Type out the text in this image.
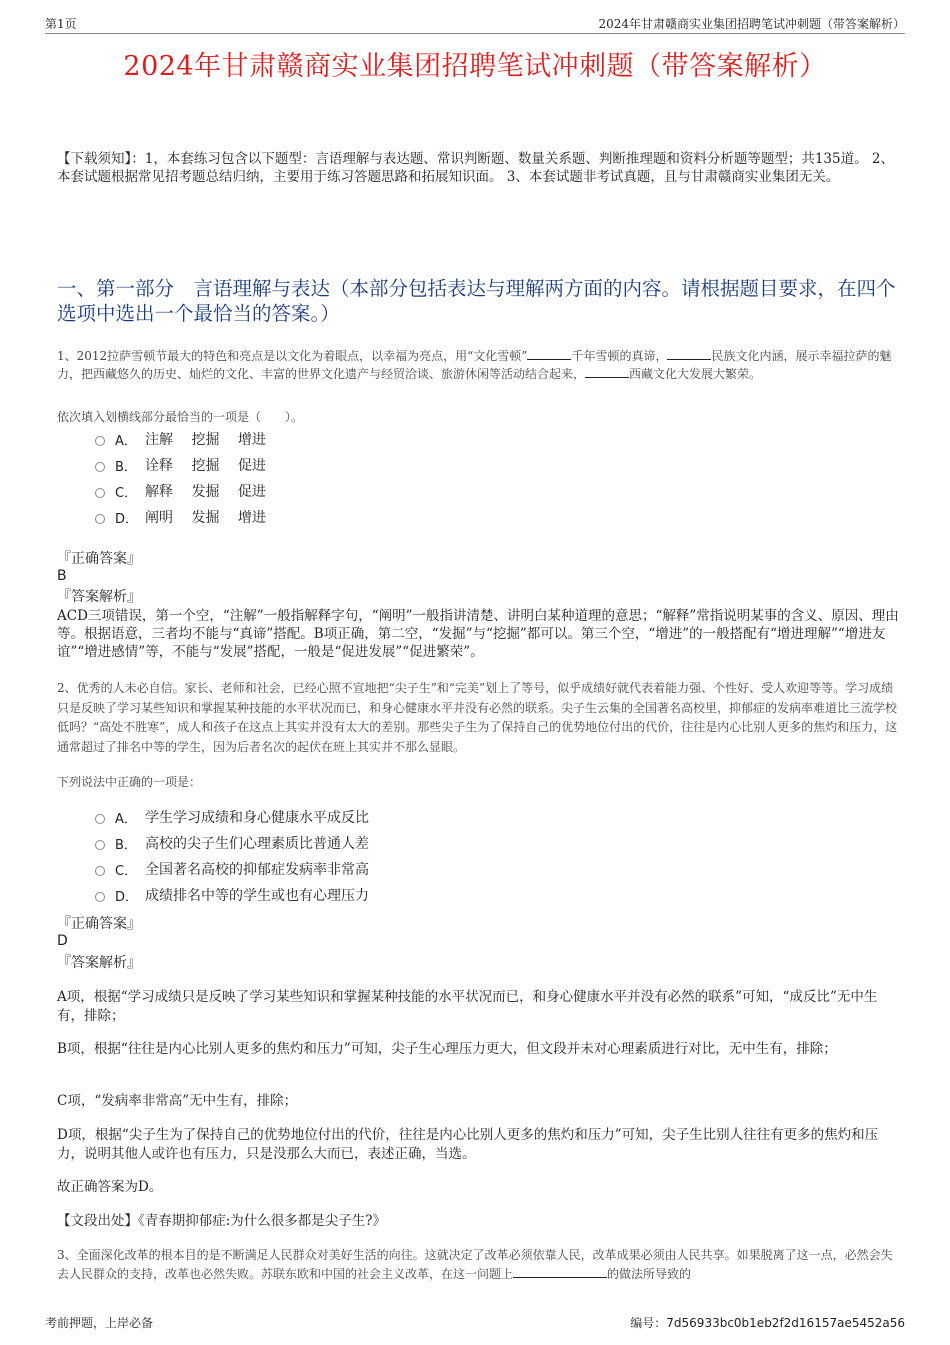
第1页	2024年甘肃赣商实业集团招聘笔试冲刺题（带答案解析）
2024年甘肃赣商实业集团招聘笔试冲刺题（带答案解析）
【下载须知】：1，本套练习包含以下题型：言语理解与表达题、常识判断题、数量关系题、判断推理题和资料分析题等题型；共135道。 2、本套试题根据常见招考题总结归纳，主要用于练习答题思路和拓展知识面。 3、本套试题非考试真题，且与甘肃赣商实业集团无关。
一、第一部分　言语理解与表达（本部分包括表达与理解两方面的内容。请根据题目要求，在四个选项中选出一个最恰当的答案。）
1、2012拉萨雪顿节最大的特色和亮点是以文化为着眼点，以幸福为亮点，用“文化雪顿”	千年雪顿的真谛，	民族文化内涵，展示幸福拉萨的魅力，把西藏悠久的历史、灿烂的文化、丰富的世界文化遗产与经贸洽谈、旅游休闲等活动结合起来，	西藏文化大发展大繁荣。
依次填入划横线部分最恰当的一项是（　　）。
A． 注解　 挖掘　 增进
B． 诠释　 挖掘　 促进
C． 解释　 发掘　 促进
D． 阐明　 发掘　 增进
『正确答案』
B
『答案解析』
ACD三项错误，第一个空，“注解”一般指解释字句，“阐明”一般指讲清楚、讲明白某种道理的意思；“解释”常指说明某事的含义、原因、理由等。根据语意，三者均不能与“真谛”搭配。B项正确，第二空，“发掘”与“挖掘”都可以。第三个空，“增进”的一般搭配有“增进理解”“增进友谊”“增进感情”等，不能与“发展”搭配，一般是“促进发展”“促进繁荣”。
2、优秀的人未必自信。家长、老师和社会，已经心照不宣地把“尖子生”和“完美”划上了等号，似乎成绩好就代表着能力强、个性好、受人欢迎等等。学习成绩只是反映了学习某些知识和掌握某种技能的水平状况而已，和身心健康水平并没有必然的联系。尖子生云集的全国著名高校里，抑郁症的发病率难道比三流学校低吗？“高处不胜寒”，成人和孩子在这点上其实并没有太大的差别。那些尖子生为了保持自己的优势地位付出的代价，往往是内心比别人更多的焦灼和压力，这通常超过了排名中等的学生，因为后者名次的起伏在班上其实并不那么显眼。
下列说法中正确的一项是：
A． 学生学习成绩和身心健康水平成反比
B． 高校的尖子生们心理素质比普通人差
C． 全国著名高校的抑郁症发病率非常高
D． 成绩排名中等的学生或也有心理压力
『正确答案』
D
『答案解析』
A项，根据“学习成绩只是反映了学习某些知识和掌握某种技能的水平状况而已，和身心健康水平并没有必然的联系”可知，“成反比”无中生有，排除；
B项，根据“往往是内心比别人更多的焦灼和压力”可知，尖子生心理压力更大，但文段并未对心理素质进行对比，无中生有，排除；
C项，“发病率非常高”无中生有，排除；
D项，根据“尖子生为了保持自己的优势地位付出的代价，往往是内心比别人更多的焦灼和压力”可知，尖子生比别人往往有更多的焦灼和压力，说明其他人或许也有压力，只是没那么大而已，表述正确，当选。
故正确答案为D。
【文段出处】《青春期抑郁症:为什么很多都是尖子生?》
3、全面深化改革的根本目的是不断满足人民群众对美好生活的向往。这就决定了改革必须依靠人民，改革成果必须由人民共享。如果脱离了这一点，必然会失去人民群众的支持，改革也必然失败。苏联东欧和中国的社会主义改革，在这一问题上	的做法所导致的
考前押题，上岸必备	编号：7d56933bc0b1eb2f2d16157ae5452a56
